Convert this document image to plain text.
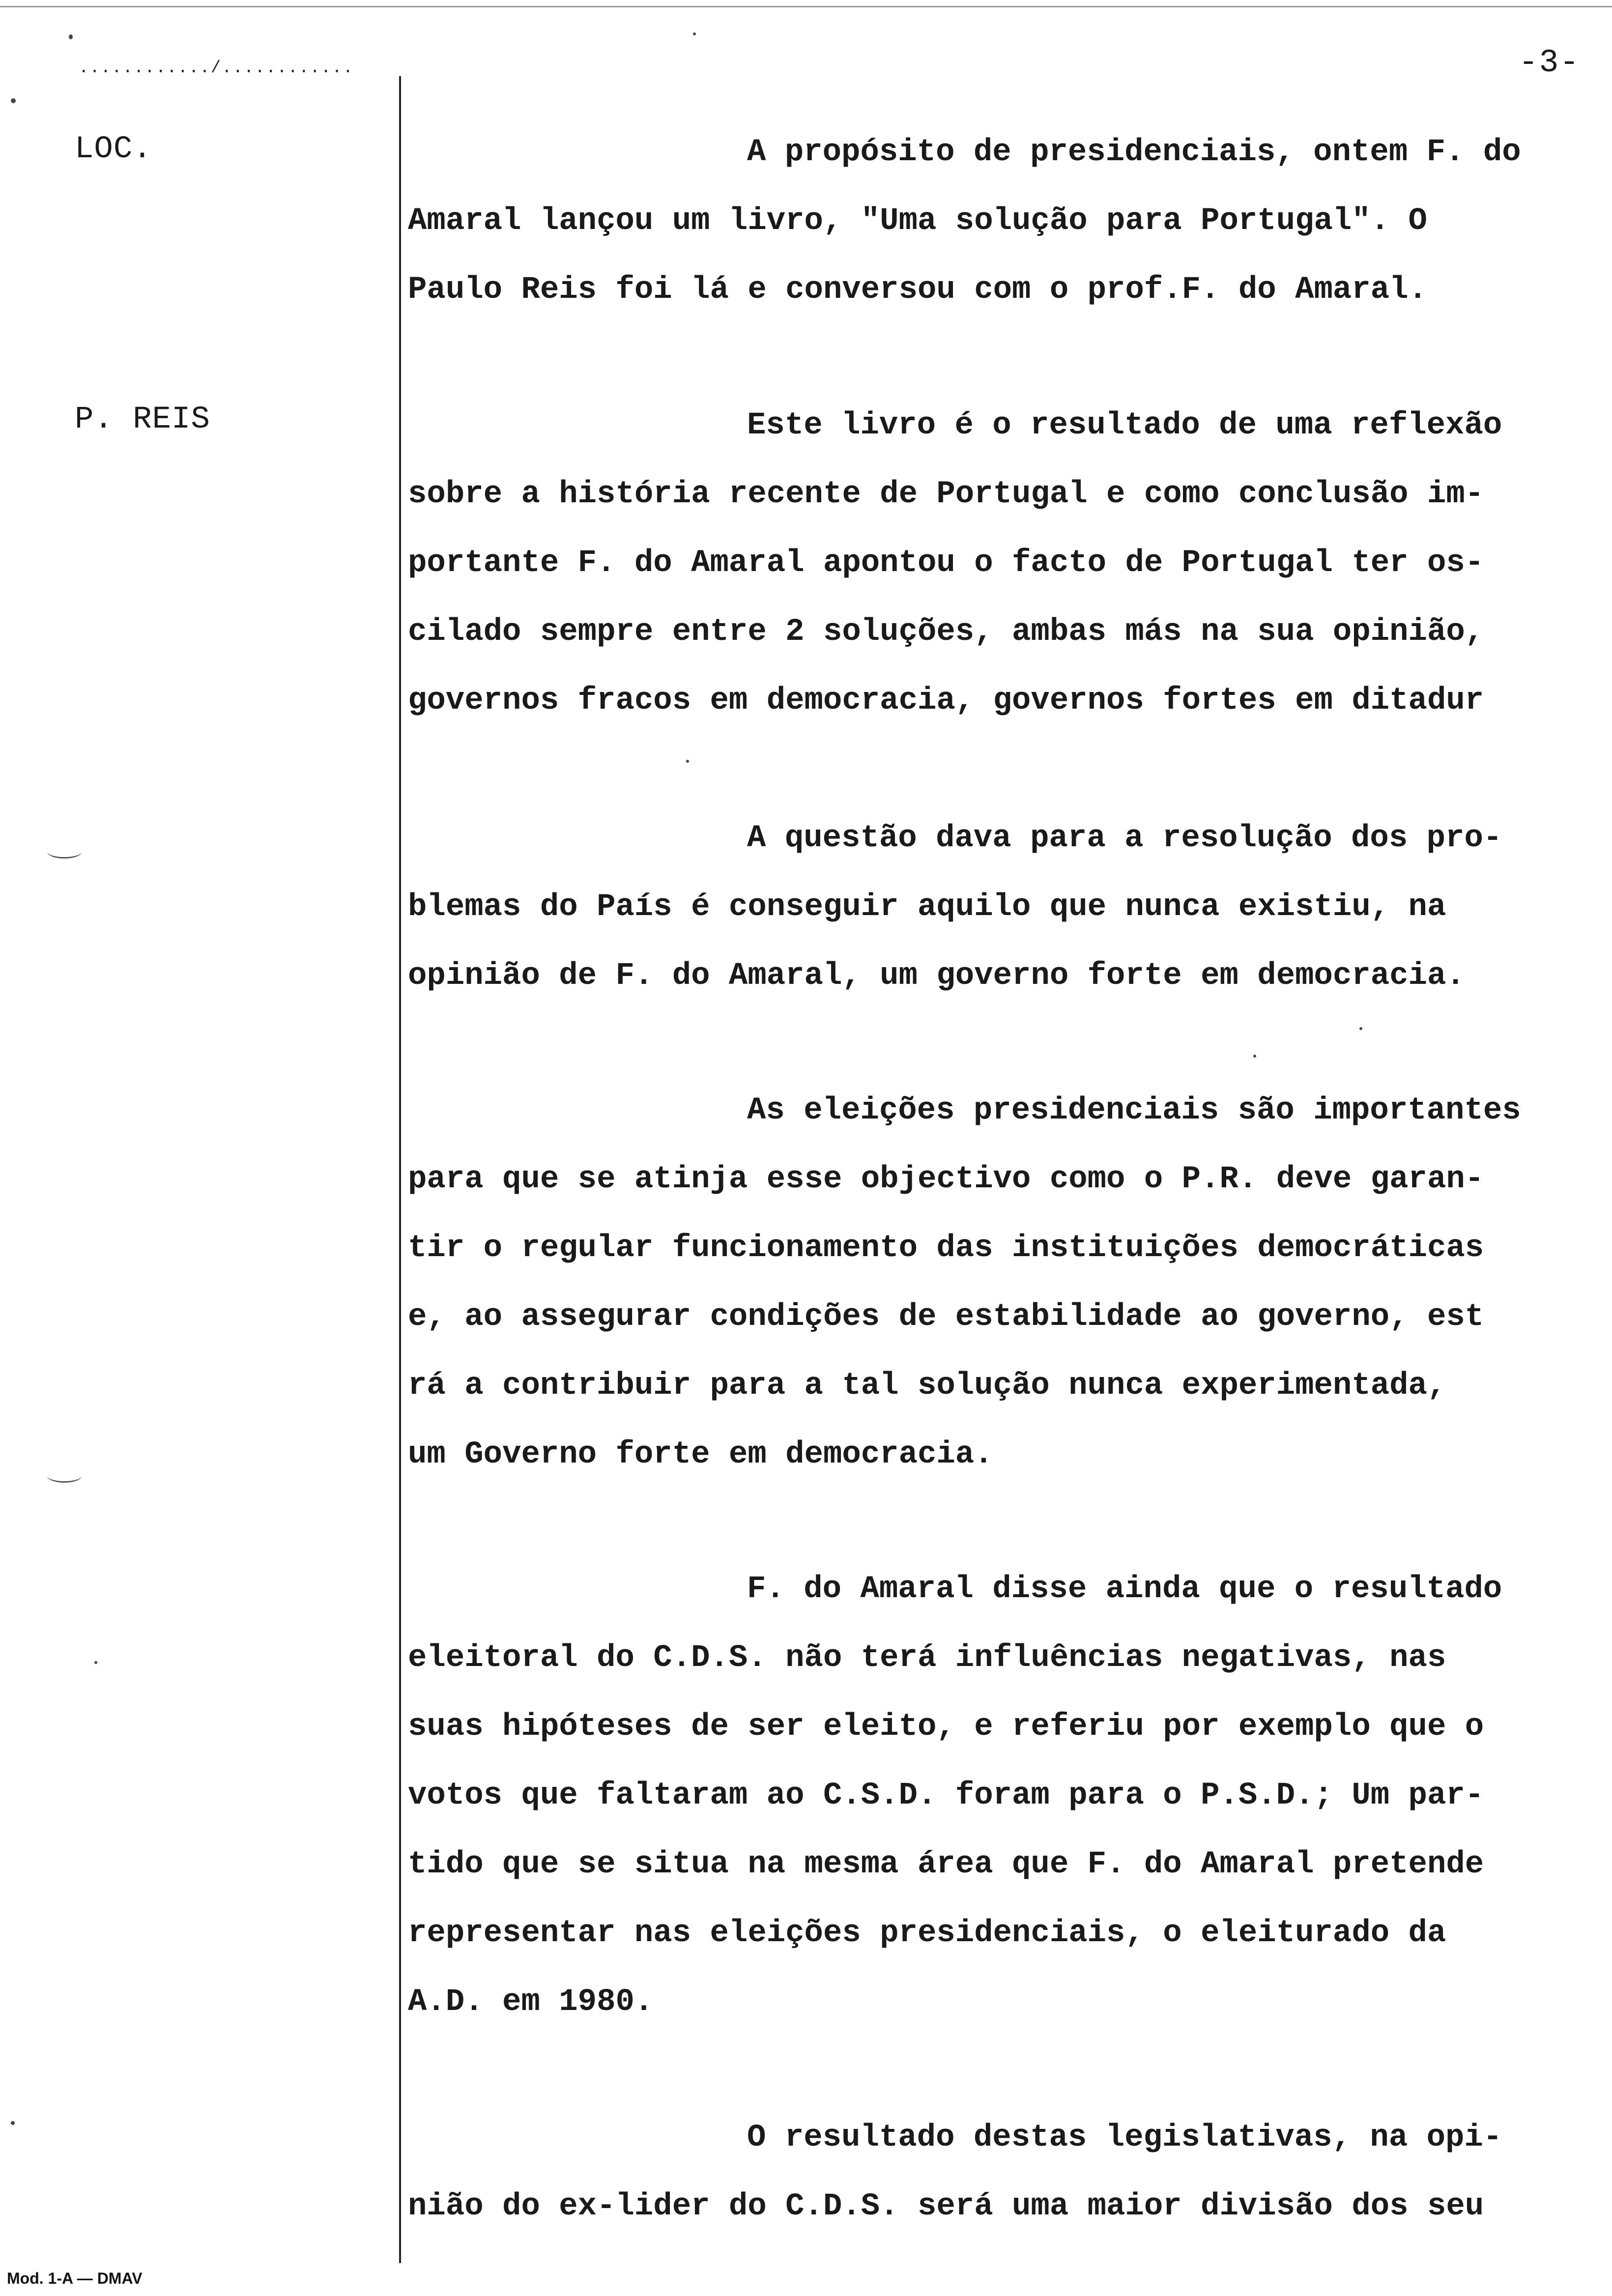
............/............	-3-
LOC.
P. REIS
A propósito de presidenciais, ontem F. do
Amaral lançou um livro, "Uma solução para Portugal". O
Paulo Reis foi lá e conversou com o prof.F. do Amaral.
Este livro é o resultado de uma reflexão
sobre a história recente de Portugal e como conclusão im-
portante F. do Amaral apontou o facto de Portugal ter os-
cilado sempre entre 2 soluções, ambas más na sua opinião,
governos fracos em democracia, governos fortes em ditadur
A questão dava para a resolução dos pro-
blemas do País é conseguir aquilo que nunca existiu, na
opinião de F. do Amaral, um governo forte em democracia.
As eleições presidenciais são importantes
para que se atinja esse objectivo como o P.R. deve garan-
tir o regular funcionamento das instituições democráticas
e, ao assegurar condições de estabilidade ao governo, est
rá a contribuir para a tal solução nunca experimentada,
um Governo forte em democracia.
F. do Amaral disse ainda que o resultado
eleitoral do C.D.S. não terá influências negativas, nas
suas hipóteses de ser eleito, e referiu por exemplo que o
votos que faltaram ao C.S.D. foram para o P.S.D.; Um par-
tido que se situa na mesma área que F. do Amaral pretende
representar nas eleições presidenciais, o eleiturado da
A.D. em 1980.
O resultado destas legislativas, na opi-
nião do ex-lider do C.D.S. será uma maior divisão dos seu
Mod. 1-A — DMAV
